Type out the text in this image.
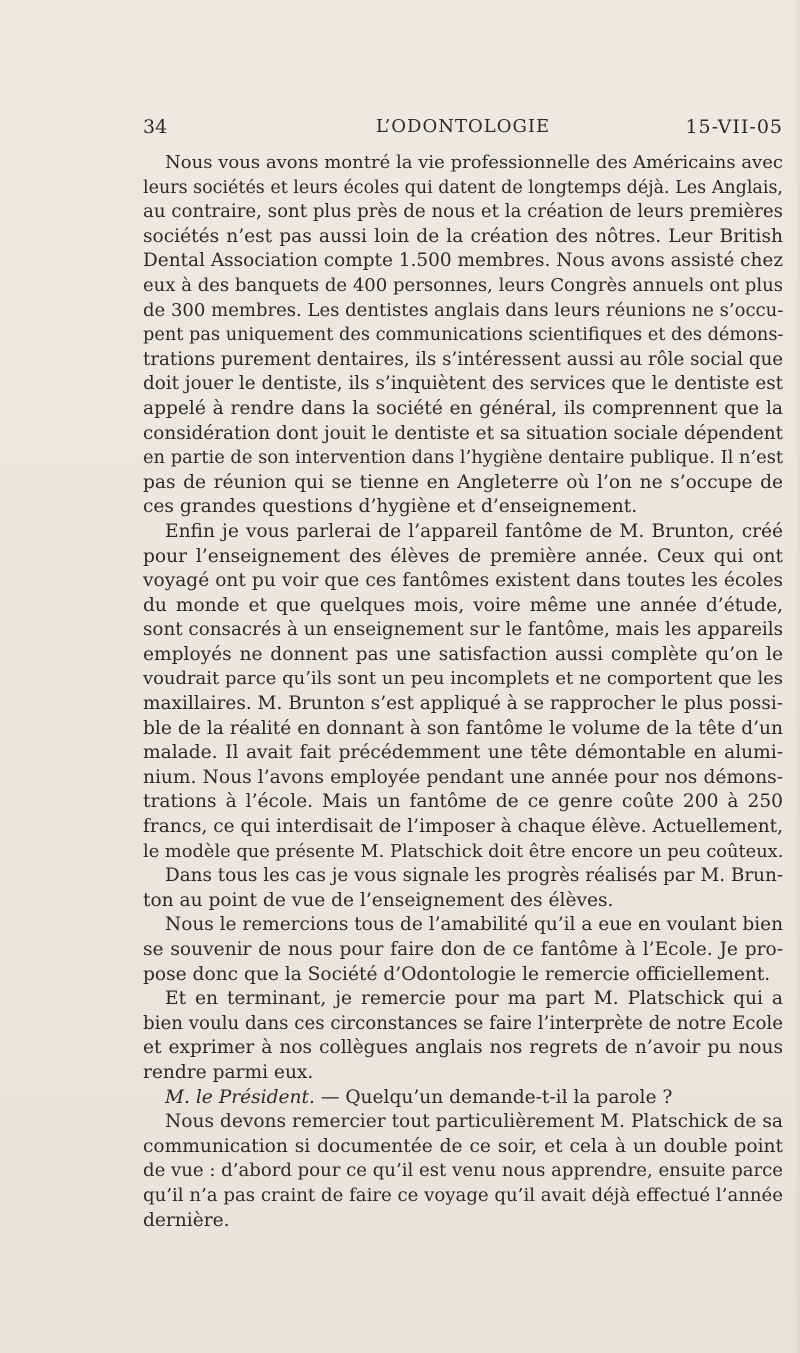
34	L’ODONTOLOGIE	15-VII-05
Nous vous avons montré la vie professionnelle des Américains avec
leurs sociétés et leurs écoles qui datent de longtemps déjà. Les Anglais,
au contraire, sont plus près de nous et la création de leurs premières
sociétés n’est pas aussi loin de la création des nôtres. Leur British
Dental Association compte 1.500 membres. Nous avons assisté chez
eux à des banquets de 400 personnes, leurs Congrès annuels ont plus
de 300 membres. Les dentistes anglais dans leurs réunions ne s’occu-
pent pas uniquement des communications scientifiques et des démons-
trations purement dentaires, ils s’intéressent aussi au rôle social que
doit jouer le dentiste, ils s’inquiètent des services que le dentiste est
appelé à rendre dans la société en général, ils comprennent que la
considération dont jouit le dentiste et sa situation sociale dépendent
en partie de son intervention dans l’hygiène dentaire publique. Il n’est
pas de réunion qui se tienne en Angleterre où l’on ne s’occupe de
ces grandes questions d’hygiène et d’enseignement.
Enfin je vous parlerai de l’appareil fantôme de M. Brunton, créé
pour l’enseignement des élèves de première année. Ceux qui ont
voyagé ont pu voir que ces fantômes existent dans toutes les écoles
du monde et que quelques mois, voire même une année d’étude,
sont consacrés à un enseignement sur le fantôme, mais les appareils
employés ne donnent pas une satisfaction aussi complète qu’on le
voudrait parce qu’ils sont un peu incomplets et ne comportent que les
maxillaires. M. Brunton s’est appliqué à se rapprocher le plus possi-
ble de la réalité en donnant à son fantôme le volume de la tête d’un
malade. Il avait fait précédemment une tête démontable en alumi-
nium. Nous l’avons employée pendant une année pour nos démons-
trations à l’école. Mais un fantôme de ce genre coûte 200 à 250
francs, ce qui interdisait de l’imposer à chaque élève. Actuellement,
le modèle que présente M. Platschick doit être encore un peu coûteux.
Dans tous les cas je vous signale les progrès réalisés par M. Brun-
ton au point de vue de l’enseignement des élèves.
Nous le remercions tous de l’amabilité qu’il a eue en voulant bien
se souvenir de nous pour faire don de ce fantôme à l’Ecole. Je pro-
pose donc que la Société d’Odontologie le remercie officiellement.
Et en terminant, je remercie pour ma part M. Platschick qui a
bien voulu dans ces circonstances se faire l’interprète de notre Ecole
et exprimer à nos collègues anglais nos regrets de n’avoir pu nous
rendre parmi eux.
M. le Président. — Quelqu’un demande-t-il la parole ?
Nous devons remercier tout particulièrement M. Platschick de sa
communication si documentée de ce soir, et cela à un double point
de vue : d’abord pour ce qu’il est venu nous apprendre, ensuite parce
qu’il n’a pas craint de faire ce voyage qu’il avait déjà effectué l’année
dernière.
